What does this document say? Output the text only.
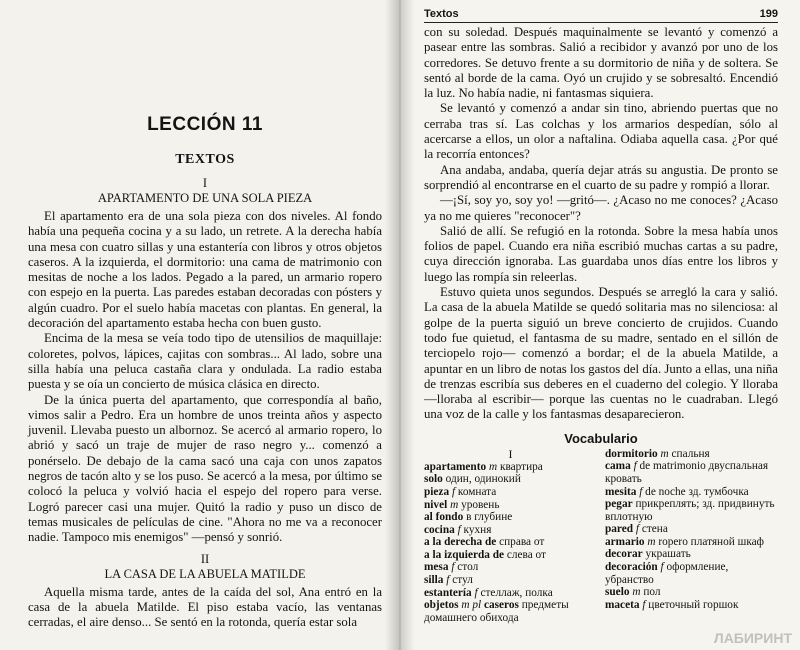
LECCIÓN 11
TEXTOS
I
APARTAMENTO DE UNA SOLA PIEZA

El apartamento era de una sola pieza con dos niveles. Al fondo había una pequeña cocina y a su lado, un retrete. A la derecha había una mesa con cuatro sillas y una estantería con libros y otros objetos caseros. A la izquierda, el dormitorio: una cama de matrimonio con mesitas de noche a los lados. Pegado a la pared, un armario ropero con espejo en la puerta. Las paredes estaban decoradas con pósters y algún cuadro. Por el suelo había macetas con plantas. En general, la decoración del apartamento estaba hecha con buen gusto.

Encima de la mesa se veía todo tipo de utensilios de maquillaje: coloretes, polvos, lápices, cajitas con sombras... Al lado, sobre una silla había una peluca castaña clara y ondulada. La radio estaba puesta y se oía un concierto de música clásica en directo.

De la única puerta del apartamento, que correspondía al baño, vimos salir a Pedro. Era un hombre de unos treinta años y aspecto juvenil. Llevaba puesto un albornoz. Se acercó al armario ropero, lo abrió y sacó un traje de mujer de raso negro y... comenzó a ponérselo. De debajo de la cama sacó una caja con unos zapatos negros de tacón alto y se los puso. Se acercó a la mesa, por último se colocó la peluca y volvió hacia el espejo del ropero para verse. Logró parecer casi una mujer. Quitó la radio y puso un disco de temas musicales de películas de cine. "Ahora no me va a reconocer nadie. Tampoco mis enemigos" —pensó y sonrió.

II
LA CASA DE LA ABUELA MATILDE

Aquella misma tarde, antes de la caída del sol, Ana entró en la casa de la abuela Matilde. El piso estaba vacío, las ventanas cerradas, el aire denso... Se sentó en la rotonda, quería estar sola

Textos	199

con su soledad. Después maquinalmente se levantó y comenzó a pasear entre las sombras. Salió a recibidor y avanzó por uno de los corredores. Se detuvo frente a su dormitorio de niña y de soltera. Se sentó al borde de la cama. Oyó un crujido y se sobresaltó. Encendió la luz. No había nadie, ni fantasmas siquiera.

Se levantó y comenzó a andar sin tino, abriendo puertas que no cerraba tras sí. Las colchas y los armarios despedían, sólo al acercarse a ellos, un olor a naftalina. Odiaba aquella casa. ¿Por qué la recorría entonces?

Ana andaba, andaba, quería dejar atrás su angustia. De pronto se sorprendió al encontrarse en el cuarto de su padre y rompió a llorar.

—¡Sí, soy yo, soy yo! —gritó—. ¿Acaso no me conoces? ¿Acaso ya no me quieres "reconocer"?

Salió de allí. Se refugió en la rotonda. Sobre la mesa había unos folios de papel. Cuando era niña escribió muchas cartas a su padre, cuya dirección ignoraba. Las guardaba unos días entre los libros y luego las rompía sin releerlas.

Estuvo quieta unos segundos. Después se arregló la cara y salió. La casa de la abuela Matilde se quedó solitaria mas no silenciosa: al golpe de la puerta siguió un breve concierto de crujidos. Cuando todo fue quietud, el fantasma de su madre, sentado en el sillón de terciopelo rojo— comenzó a bordar; el de la abuela Matilde, a apuntar en un libro de notas los gastos del día. Junto a ellas, una niña de trenzas escribía sus deberes en el cuaderno del colegio. Y lloraba —lloraba al escribir— porque las cuentas no le cuadraban. Llegó una voz de la calle y los fantasmas desaparecieron.

Vocabulario
I
apartamento m квартира
solo один, одинокий
pieza f комната
nivel m уровень
al fondo в глубине
cocina f кухня
a la derecha de справа от
a la izquierda de слева от
mesa f стол
silla f стул
estantería f стеллаж, полка
objetos m pl caseros предметы домашнего обихода
dormitorio m спальня
cama f de matrimonio двуспальная кровать
mesita f de noche зд. тумбочка
pegar прикреплять; зд. придвинуть вплотную
pared f стена
armario m ropero платяной шкаф
decorar украшать
decoración f оформление, убранство
suelo m пол
maceta f цветочный горшок
ЛАБИРИНТ
